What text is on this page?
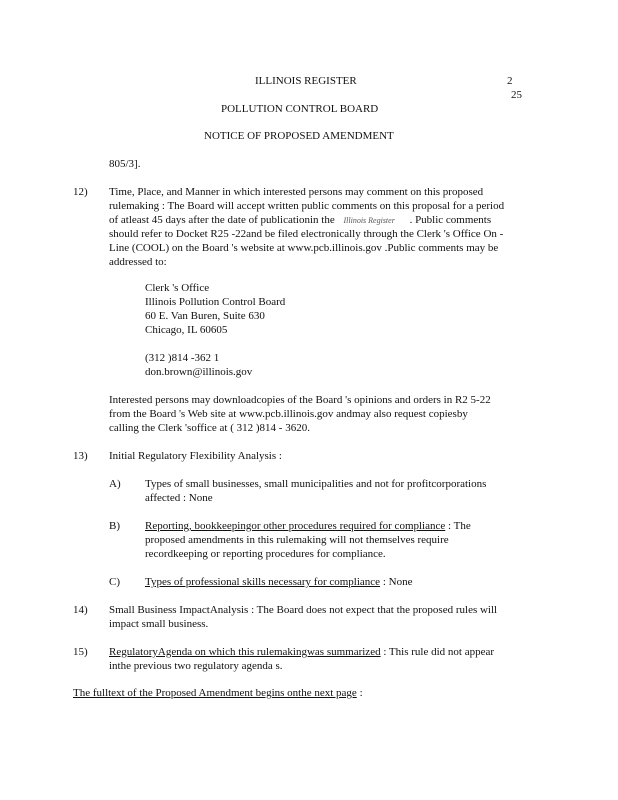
ILLINOIS REGISTER	2
25
POLLUTION CONTROL BOARD
NOTICE OF PROPOSED AMENDMENT
805/3].
12) Time, Place, and Manner in which interested persons may comment on this proposed
rulemaking : The Board will accept written public comments on this proposal for a period
of atleast 45 days after the date of publicationin the Illinois Register . Public comments
should refer to Docket R25 -22and be filed electronically through the Clerk 's Office On -
Line (COOL) on the Board 's website at www.pcb.illinois.gov .Public comments may be
addressed to:
Clerk 's Office
Illinois Pollution Control Board
60 E. Van Buren, Suite 630
Chicago, IL 60605
(312 )814 -362 1
don.brown@illinois.gov
Interested persons may downloadcopies of the Board 's opinions and orders in R2 5-22
from the Board 's Web site at www.pcb.illinois.gov andmay also request copiesby
calling the Clerk 'soffice at ( 312 )814 - 3620.
13) Initial Regulatory Flexibility Analysis :
A) Types of small businesses, small municipalities and not for profitcorporations
affected : None
B) Reporting, bookkeepingor other procedures required for compliance : The
proposed amendments in this rulemaking will not themselves require
recordkeeping or reporting procedures for compliance.
C) Types of professional skills necessary for compliance : None
14) Small Business ImpactAnalysis : The Board does not expect that the proposed rules will
impact small business.
15) RegulatoryAgenda on which this rulemakingwas summarized : This rule did not appear
inthe previous two regulatory agenda s.
The fulltext of the Proposed Amendment begins onthe next page :
